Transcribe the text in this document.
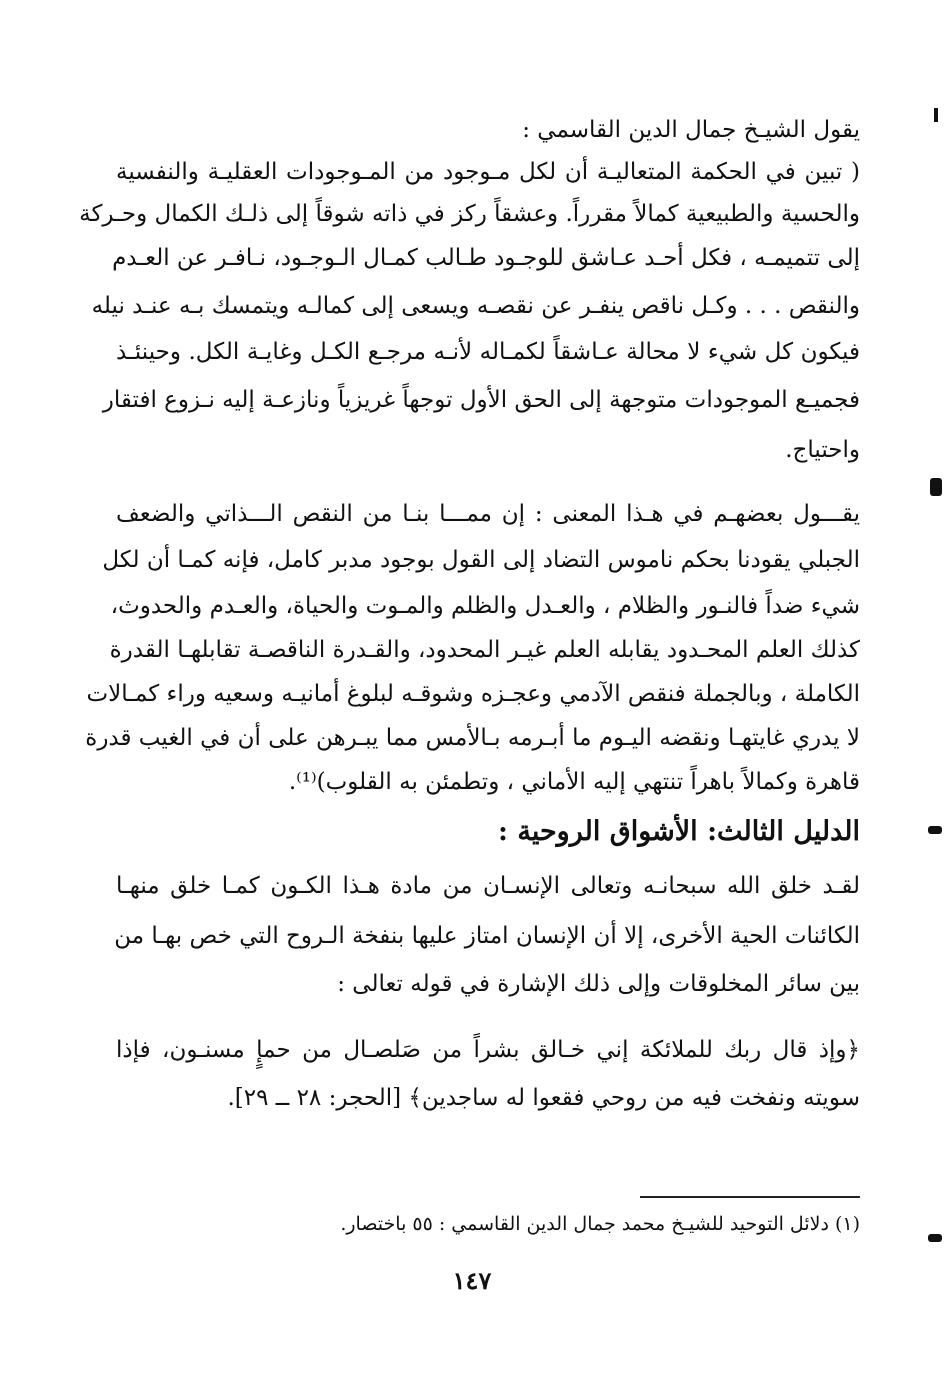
يقول الشيـخ جمال الدين القاسمي :
( تبين في الحكمة المتعاليـة أن لكل مـوجود من المـوجودات العقليـة والنفسية
والحسية والطبيعية كمالاً مقرراً. وعشقاً ركز في ذاته شوقاً إلى ذلـك الكمال وحـركة
إلى تتميمـه ، فكل أحـد عـاشق للوجـود طـالب كمـال الـوجـود، نـافـر عن العـدم
والنقص . . . وكـل ناقص ينفـر عن نقصـه ويسعى إلى كمالـه ويتمسك بـه عنـد نيله
فيكون كل شيء لا محالة عـاشقاً لكمـاله لأنـه مرجـع الكـل وغايـة الكل. وحينئـذ
فجميـع الموجودات متوجهة إلى الحق الأول توجهاً غريزياً ونازعـة إليه نـزوع افتقار
واحتياج.
يقـــول بعضهـم في هـذا المعنى : إن ممـــا بنـا من النقص الـــذاتي والضعف
الجبلي يقودنا بحكم ناموس التضاد إلى القول بوجود مدبر كامل، فإنه كمـا أن لكل
شيء ضداً فالنـور والظلام ، والعـدل والظلم والمـوت والحياة، والعـدم والحدوث،
كذلك العلم المحـدود يقابله العلم غيـر المحدود، والقـدرة الناقصـة تقابلهـا القدرة
الكاملة ، وبالجملة فنقص الآدمي وعجـزه وشوقـه لبلوغ أمانيـه وسعيه وراء كمـالات
لا يدري غايتهـا ونقضه اليـوم ما أبـرمه بـالأمس مما يبـرهن على أن في الغيب قدرة
قاهرة وكمالاً باهراً تنتهي إليه الأماني ، وتطمئن به القلوب)⁽¹⁾.
الدليل الثالث: الأشواق الروحية :
لقـد خلق الله سبحانـه وتعالى الإنسـان من مادة هـذا الكـون كمـا خلق منهـا
الكائنات الحية الأخرى، إلا أن الإنسان امتاز عليها بنفخة الـروح التي خص بهـا من
بين سائر المخلوقات وإلى ذلك الإشارة في قوله تعالى :
﴿وإذ قال ربك للملائكة إني خـالق بشراً من صَلصـال من حمإٍ مسنـون، فإذا
سويته ونفخت فيه من روحي فقعوا له ساجدين﴾ [الحجر: ٢٨ ــ ٢٩].
(١) دلائل التوحيد للشيـخ محمد جمال الدين القاسمي : ٥٥ باختصار.
١٤٧
